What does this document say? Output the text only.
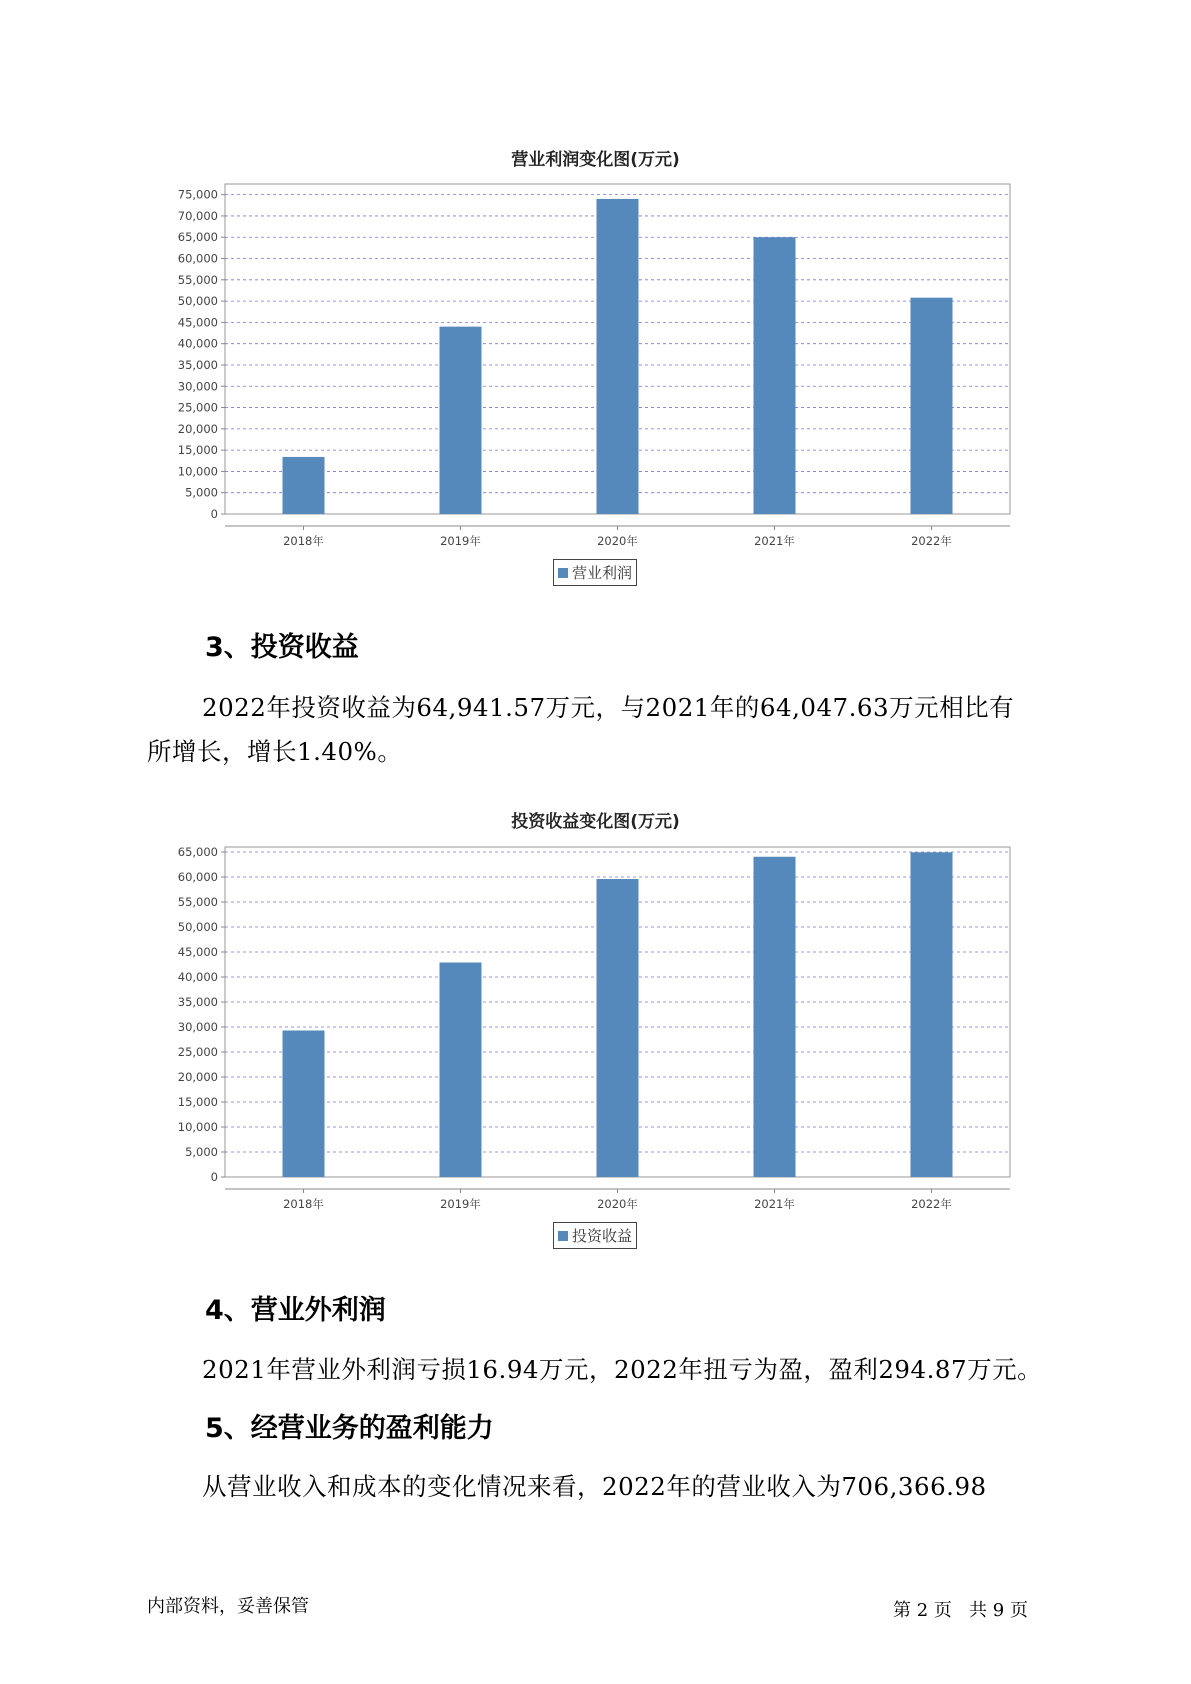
营业利润变化图(万元)
0
5,000
10,000
15,000
20,000
25,000
30,000
35,000
40,000
45,000
50,000
55,000
60,000
65,000
70,000
75,000
2018年	2019年	2020年	2021年	2022年
营业利润
3、投资收益
2022年投资收益为64,941.57万元，与2021年的64,047.63万元相比有
所增长，增长1.40%。
投资收益变化图(万元)
0
5,000
10,000
15,000
20,000
25,000
30,000
35,000
40,000
45,000
50,000
55,000
60,000
65,000
2018年	2019年	2020年	2021年	2022年
投资收益
4、营业外利润
2021年营业外利润亏损16.94万元，2022年扭亏为盈，盈利294.87万元。
5、经营业务的盈利能力
从营业收入和成本的变化情况来看，2022年的营业收入为706,366.98
内部资料，妥善保管	第 2 页   共 9 页
